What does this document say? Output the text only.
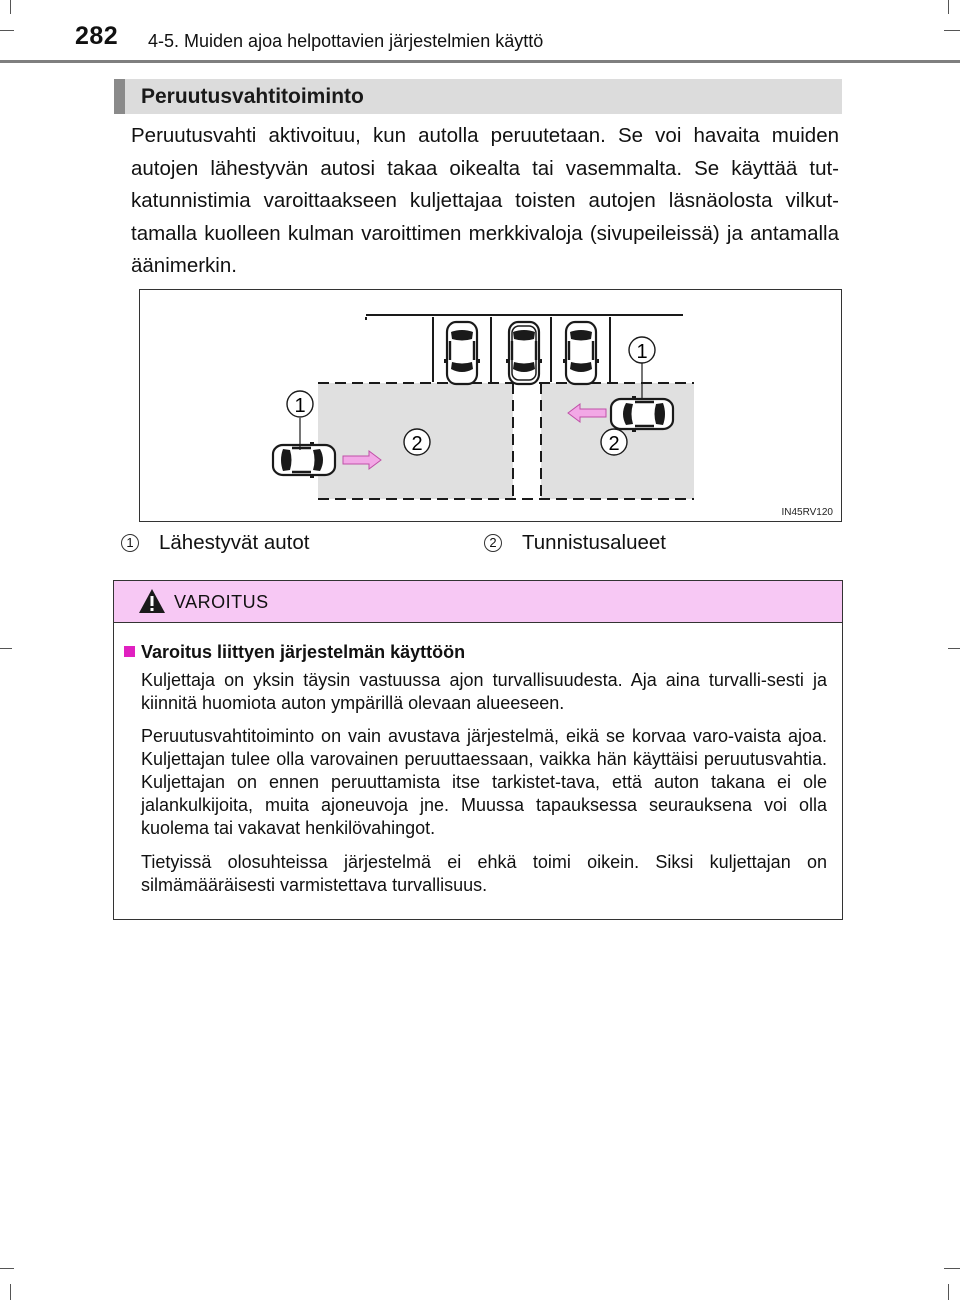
282 4-5. Muiden ajoa helpottavien järjestelmien käyttö
Peruutusvahtitoiminto
Peruutusvahti aktivoituu, kun autolla peruutetaan. Se voi havaita muiden autojen lähestyvän autosi takaa oikealta tai vasemmalta. Se käyttää tut-katunnistimia varoittaakseen kuljettajaa toisten autojen läsnäolosta vilkut-tamalla kuolleen kulman varoittimen merkkivaloja (sivupeileissä) ja antamalla äänimerkin.
1
1
2	2
IN45RV120
1 Lähestyvät autot	2 Tunnistusalueet
VAROITUS
Varoitus liittyen järjestelmän käyttöön
Kuljettaja on yksin täysin vastuussa ajon turvallisuudesta. Aja aina turvalli-sesti ja kiinnitä huomiota auton ympärillä olevaan alueeseen.
Peruutusvahtitoiminto on vain avustava järjestelmä, eikä se korvaa varo-vaista ajoa. Kuljettajan tulee olla varovainen peruuttaessaan, vaikka hän käyttäisi peruutusvahtia. Kuljettajan on ennen peruuttamista itse tarkistet-tava, että auton takana ei ole jalankulkijoita, muita ajoneuvoja jne. Muussa tapauksessa seurauksena voi olla kuolema tai vakavat henkilövahingot.
Tietyissä olosuhteissa järjestelmä ei ehkä toimi oikein. Siksi kuljettajan on silmämääräisesti varmistettava turvallisuus.
